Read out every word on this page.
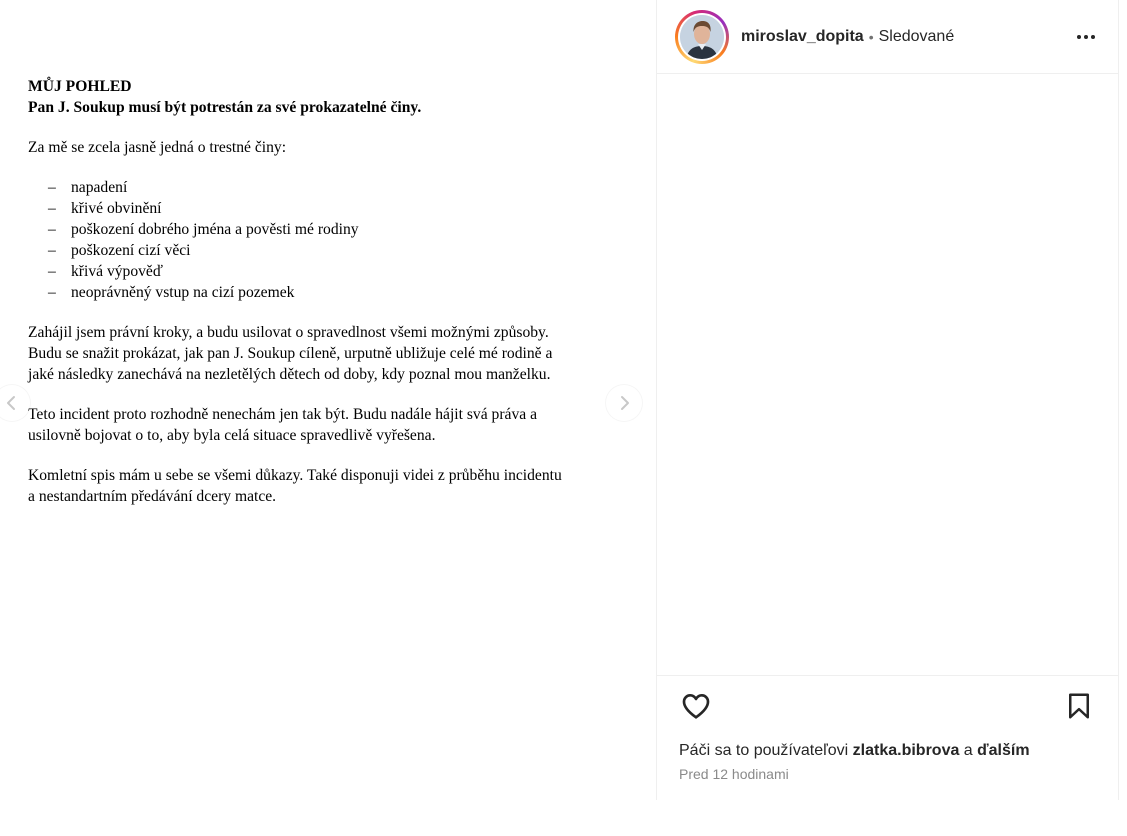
MŮJ POHLED
Pan J. Soukup musí být potrestán za své prokazatelné činy.
Za mě se zcela jasně jedná o trestné činy:
– napadení
– křivé obvinění
– poškození dobrého jména a pověsti mé rodiny
– poškození cizí věci
– křivá výpověď
– neoprávněný vstup na cizí pozemek
Zahájil jsem právní kroky, a budu usilovat o spravedlnost všemi možnými způsoby.
Budu se snažit prokázat, jak pan J. Soukup cíleně, urputně ubližuje celé mé rodině a
jaké následky zanechává na nezletělých dětech od doby, kdy poznal mou manželku.
Teto incident proto rozhodně nenechám jen tak být. Budu nadále hájit svá práva a
usilovně bojovat o to, aby byla celá situace spravedlivě vyřešena.
Komletní spis mám u sebe se všemi důkazy. Také disponuji videi z průběhu incidentu
a nestandartním předávání dcery matce.
miroslav_dopita • Sledované
Páči sa to používateľovi zlatka.bibrova a ďalším
Pred 12 hodinami
